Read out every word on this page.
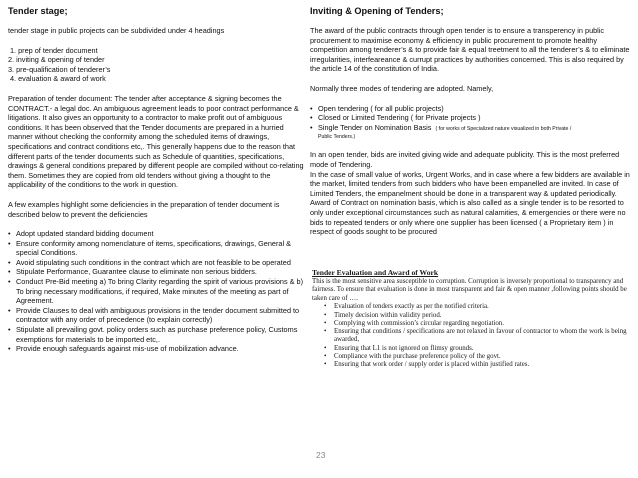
Tender stage;

tender stage in public projects can be subdivided under 4 headings

1. prep of tender document

2. inviting & opening of tender

3. pre-qualification of tenderer’s

4. evaluation & award of work

Preparation of tender document: The tender after acceptance & signing becomes the CONTRACT.- a legal doc. An ambiguous agreement leads to poor contract performance & litigations. It also gives an opportunity to a contractor to make profit out of ambiguous conditions. It has been observed that the Tender documents are prepared in a hurried manner without checking the conformity among the scheduled items of drawings, specifications and contract conditions etc,. This generally happens due to the reason that different parts of the tender documents such as Schedule of quantities, specifications, drawings & general conditions prepared by different people are compiled without co-relating them. Sometimes they are copied from old tenders without giving a thought to the applicability of the conditions to the work in question.

A few examples highlight some deficiencies in the preparation of tender document is described below to prevent the deficiencies

• Adopt updated standard bidding document
• Ensure conformity among nomenclature of items, specifications, drawings, General & special Conditions.
• Avoid stipulating such conditions in the contract which are not feasible to be operated
• Stipulate Performance, Guarantee clause to eliminate non serious bidders.
• Conduct Pre-Bid meeting a) To bring Clarity regarding the spirit of various provisions & b) To bring necessary modifications, if required, Make minutes of the meeting as part of Agreement.
• Provide Clauses to deal with ambiguous provisions in the tender document submitted to contractor with any order of precedence (to explain correctly)
• Stipulate all prevailing govt. policy orders such as purchase preference policy, Customs exemptions for materials to be imported etc,.
• Provide enough safeguards against mis-use of mobilization advance.
Inviting & Opening of Tenders;

The award of the public contracts through open tender is to ensure a transperency in public procurement to maximise economy & efficiency in public procurement to promote healthy competition among tenderer’s & to provide fair & equal treetment to all the tenderer’s & to eliminate irregularities, interfeareance & currupt practices by authorities concerned. This is also required by the article 14 of the constitution of India.

Normally three modes of tendering are adopted. Namely,

• Open tendering ( for all public projects)
• Closed or Limited Tendering ( for Private projects )
• Single Tender on Nomination Basis ( for works of Specialized nature visualized in both Private /
Public Tenders.)

In an open tender, bids are invited giving wide and adequate publicity. This is the most preferred mode of Tendering.

In the case of small value of works, Urgent Works, and in case where a few bidders are available in the market, limited tenders from such bidders who have been empanelled are invited. In case of Limited Tenders, the empanelment should be done in a transparent way & updated periodically.

Award of Contract on nomination basis, which is also called as a single tender is to be resorted to only under exceptional circumstances such as natural calamities, & emergencies or there were no bids to repeated tenders or only where one supplier has been licensed ( a Proprietary item ) in respect of goods sought to be procured

Tender Evaluation and Award of Work

This is the most sensitive area susceptible to corruption. Corruption is inversely proportional to transparency and fairness. To ensure that evaluation is done in most transparent and fair & open manner ,following points should be taken care of ….

• Evaluation of tenders exactly as per the notified criteria.
• Timely decision within validity period.
• Complying with commission’s circular regarding negotiation.
• Ensuring that conditions / specifications are not relaxed in favour of contractor to whom the work is being awarded,
• Ensuring that L1 is not ignored on flimsy grounds.
• Compliance with the purchase preference policy of the govt.
• Ensuring that work order / supply order is placed within justified rates.
23
